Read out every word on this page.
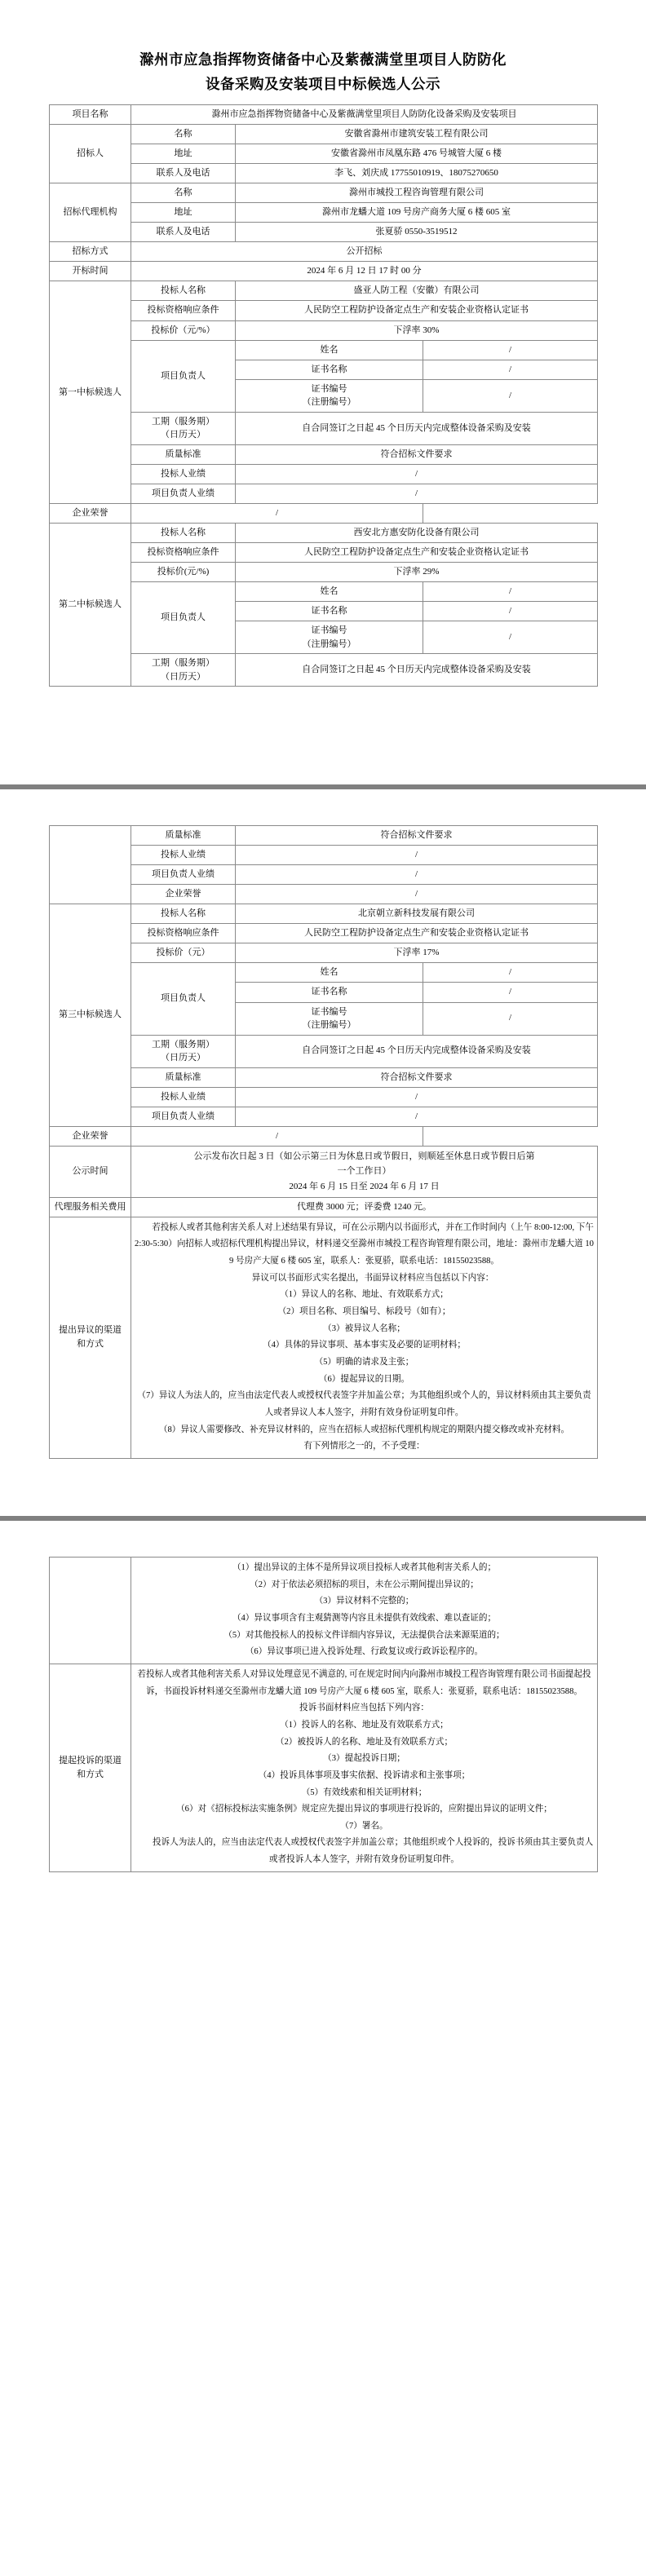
滁州市应急指挥物资储备中心及紫薇满堂里项目人防防化
设备采购及安装项目中标候选人公示
项目名称	滁州市应急指挥物资储备中心及紫薇满堂里项目人防防化设备采购及安装项目		
招标人	名称	安徽省滁州市建筑安装工程有限公司	
	地址	安徽省滁州市凤凰东路 476 号城管大厦 6 楼	
	联系人及电话	李飞、刘庆成 17755010919、18075270650	
招标代理机构	名称	滁州市城投工程咨询管理有限公司	
	地址	滁州市龙蟠大道 109 号房产商务大厦 6 楼 605 室	
	联系人及电话	张夏骄 0550-3519512	
招标方式	公开招标		
开标时间	2024 年 6 月 12 日 17 时 00 分		
第一中标候选人	投标人名称	盛亚人防工程（安徽）有限公司	
	投标资格响应条件	人民防空工程防护设备定点生产和安装企业资格认定证书	
	投标价（元/%）	下浮率 30%	
	项目负责人	姓名	/
		证书名称	/

		证书编号
（注册编号）	/

	工期（服务期）
（日历天）	自合同签订之日起 45 个日历天内完成整体设备采购及安装	
	质量标准	符合招标文件要求	
	投标人业绩	/	
	项目负责人业绩	/	
企业荣誉	/		
第二中标候选人	投标人名称	西安北方惠安防化设备有限公司	
	投标资格响应条件	人民防空工程防护设备定点生产和安装企业资格认定证书	
	投标价(元/%)	下浮率 29%	
	项目负责人	姓名	/
		证书名称	/

		证书编号
（注册编号）	/

	工期（服务期）
（日历天）	自合同签订之日起 45 个日历天内完成整体设备采购及安装	
	质量标准	符合招标文件要求	
	投标人业绩	/	
	项目负责人业绩	/	
	企业荣誉	/	
第三中标候选人	投标人名称	北京朝立新科技发展有限公司	
	投标资格响应条件	人民防空工程防护设备定点生产和安装企业资格认定证书	
	投标价（元）	下浮率 17%	
	项目负责人	姓名	/
		证书名称	/

		证书编号
（注册编号）	/

	工期（服务期）
（日历天）	自合同签订之日起 45 个日历天内完成整体设备采购及安装	
	质量标准	符合招标文件要求	
	投标人业绩	/	
	项目负责人业绩	/	
企业荣誉	/		
公示时间	公示发布次日起 3 日（如公示第三日为休息日或节假日，则顺延至休息日或节假日后第
一个工作日）
2024 年 6 月 15 日至 2024 年 6 月 17 日		

代理服务相关费用	代理费 3000 元；评委费 1240 元。		

提出异议的渠道
和方式

若投标人或者其他利害关系人对上述结果有异议，可在公示期内以书面形式，并在工作时间内（上午 8:00-12:00, 下午 2:30-5:30）向招标人或招标代理机构提出异议，材料递交至滁州市城投工程咨询管理有限公司，地址：滁州市龙蟠大道 109 号房产大厦 6 楼 605 室，联系人：张夏骄，联系电话：18155023588。

异议可以书面形式实名提出，书面异议材料应当包括以下内容：

（1）异议人的名称、地址、有效联系方式；

（2）项目名称、项目编号、标段号（如有）；

（3）被异议人名称；

（4）具体的异议事项、基本事实及必要的证明材料；

（5）明确的请求及主张；

（6）提起异议的日期。

（7）异议人为法人的，应当由法定代表人或授权代表签字并加盖公章；为其他组织或个人的，异议材料须由其主要负责人或者异议人本人签字，并附有效身份证明复印件。

（8）异议人需要修改、补充异议材料的，应当在招标人或招标代理机构规定的期限内提交修改或补充材料。

有下列情形之一的，不予受理：

（1）提出异议的主体不是所异议项目投标人或者其他利害关系人的；

（2）对于依法必须招标的项目，未在公示期间提出异议的；

（3）异议材料不完整的；

（4）异议事项含有主观猜测等内容且未提供有效线索、难以查证的；

（5）对其他投标人的投标文件详细内容异议，无法提供合法来源渠道的；

（6）异议事项已进入投诉处理、行政复议或行政诉讼程序的。

提起投诉的渠道
和方式

若投标人或者其他利害关系人对异议处理意见不满意的, 可在规定时间内向滁州市城投工程咨询管理有限公司书面提起投诉，书面投诉材料递交至滁州市龙蟠大道 109 号房产大厦 6 楼 605 室，联系人：张夏骄，联系电话：18155023588。

投诉书面材料应当包括下列内容：

（1）投诉人的名称、地址及有效联系方式；

（2）被投诉人的名称、地址及有效联系方式；

（3）提起投诉日期；

（4）投诉具体事项及事实依据、投诉请求和主张事项；

（5）有效线索和相关证明材料；

（6）对《招标投标法实施条例》规定应先提出异议的事项进行投诉的，应附提出异议的证明文件；

（7）署名。

投诉人为法人的，应当由法定代表人或授权代表签字并加盖公章；其他组织或个人投诉的，投诉书须由其主要负责人或者投诉人本人签字，并附有效身份证明复印件。
